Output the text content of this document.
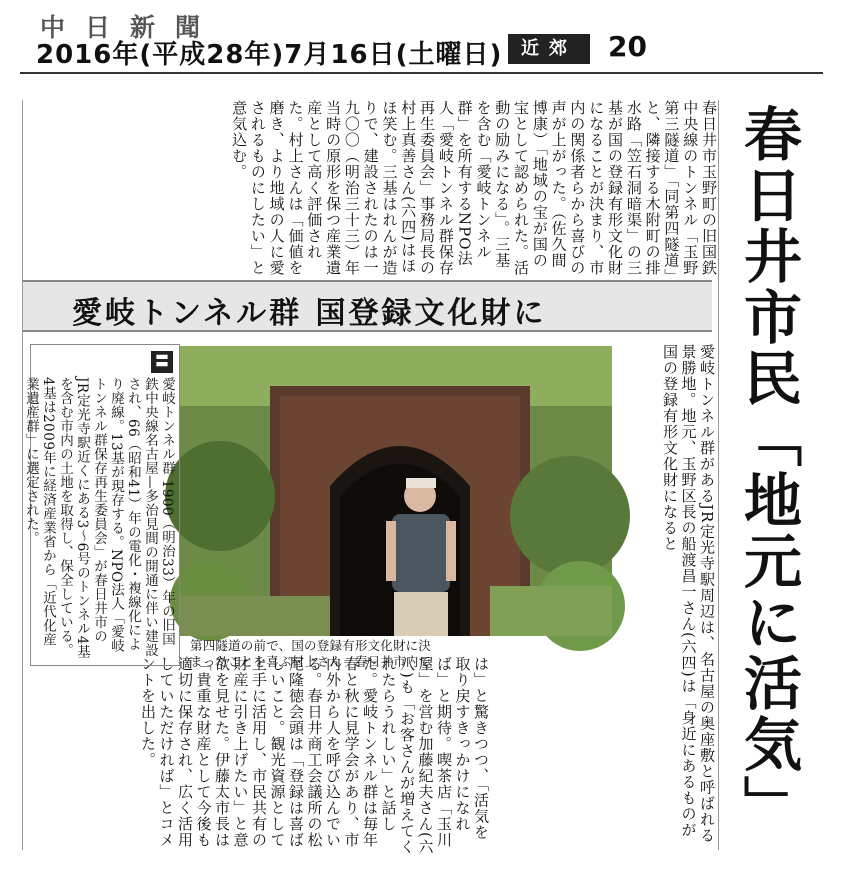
中日新聞
2016年(平成28年)7月16日(土曜日)	近郊	20
春日井市民「地元に活気」
春日井市玉野町の旧国鉄中央線のトンネル「玉野第三隧道」「同第四隧道」と、隣接する木附町の排水路「笠石洞暗渠」の三基が国の登録有形文化財になることが決まり、市内の関係者らから喜びの声が上がった。（佐久間博康）「地域の宝が国の宝として認められた。活動の励みになる」。三基を含む「愛岐トンネル群」を所有するNPO法人「愛岐トンネル群保存再生委員会」事務局長の村上真善さん(六四)はほほ笑む。三基はれんが造りで、建設されたのは一九〇〇（明治三十三）年当時の原形を保つ産業遺産として高く評価された。村上さんは「価値を磨き、より地域の人に愛されるものにしたい」と意気込む。
愛岐トンネル群 国登録文化財に
愛岐トンネル群があるJR定光寺駅周辺は、名古屋の奥座敷と呼ばれる景勝地。地元、玉野区長の船渡昌一さん(六四)は「身近にあるものが国の登録有形文化財になると
第四隧道の前で、国の登録有形文化財に決
まったことを喜ぶ村上さん＝春日井市内で	は」と驚きつつ、「活気を取り戻すきっかけになれば」と期待。喫茶店「玉川屋」を営む加藤紀夫さん(六八)も「お客さんが増えてくれたらうれしい」と話した。愛岐トンネル群は毎年春と秋に見学会があり、市内外から人を呼び込んでいる。春日井商工会議所の松尾隆徳会頭は「登録は喜ばしいこと。観光資源として上手に活用し、市民共有の財産に引き上げたい」と意欲を見せた。伊藤太市長は「貴重な財産として今後も適切に保存され、広く活用していただければ」とコメントを出した。
〓
愛岐トンネル群 1900（明治33）年の旧国鉄中央線名古屋—多治見間の開通に伴い建設され、66（昭和41）年の電化・複線化により廃線。13基が現存する。NPO法人「愛岐トンネル群保存再生委員会」が春日井市のJR定光寺駅近くにある3～6号のトンネル4基を含む市内の土地を取得し、保全している。4基は2009年に経済産業省から「近代化産業遺産群」に選定された。
